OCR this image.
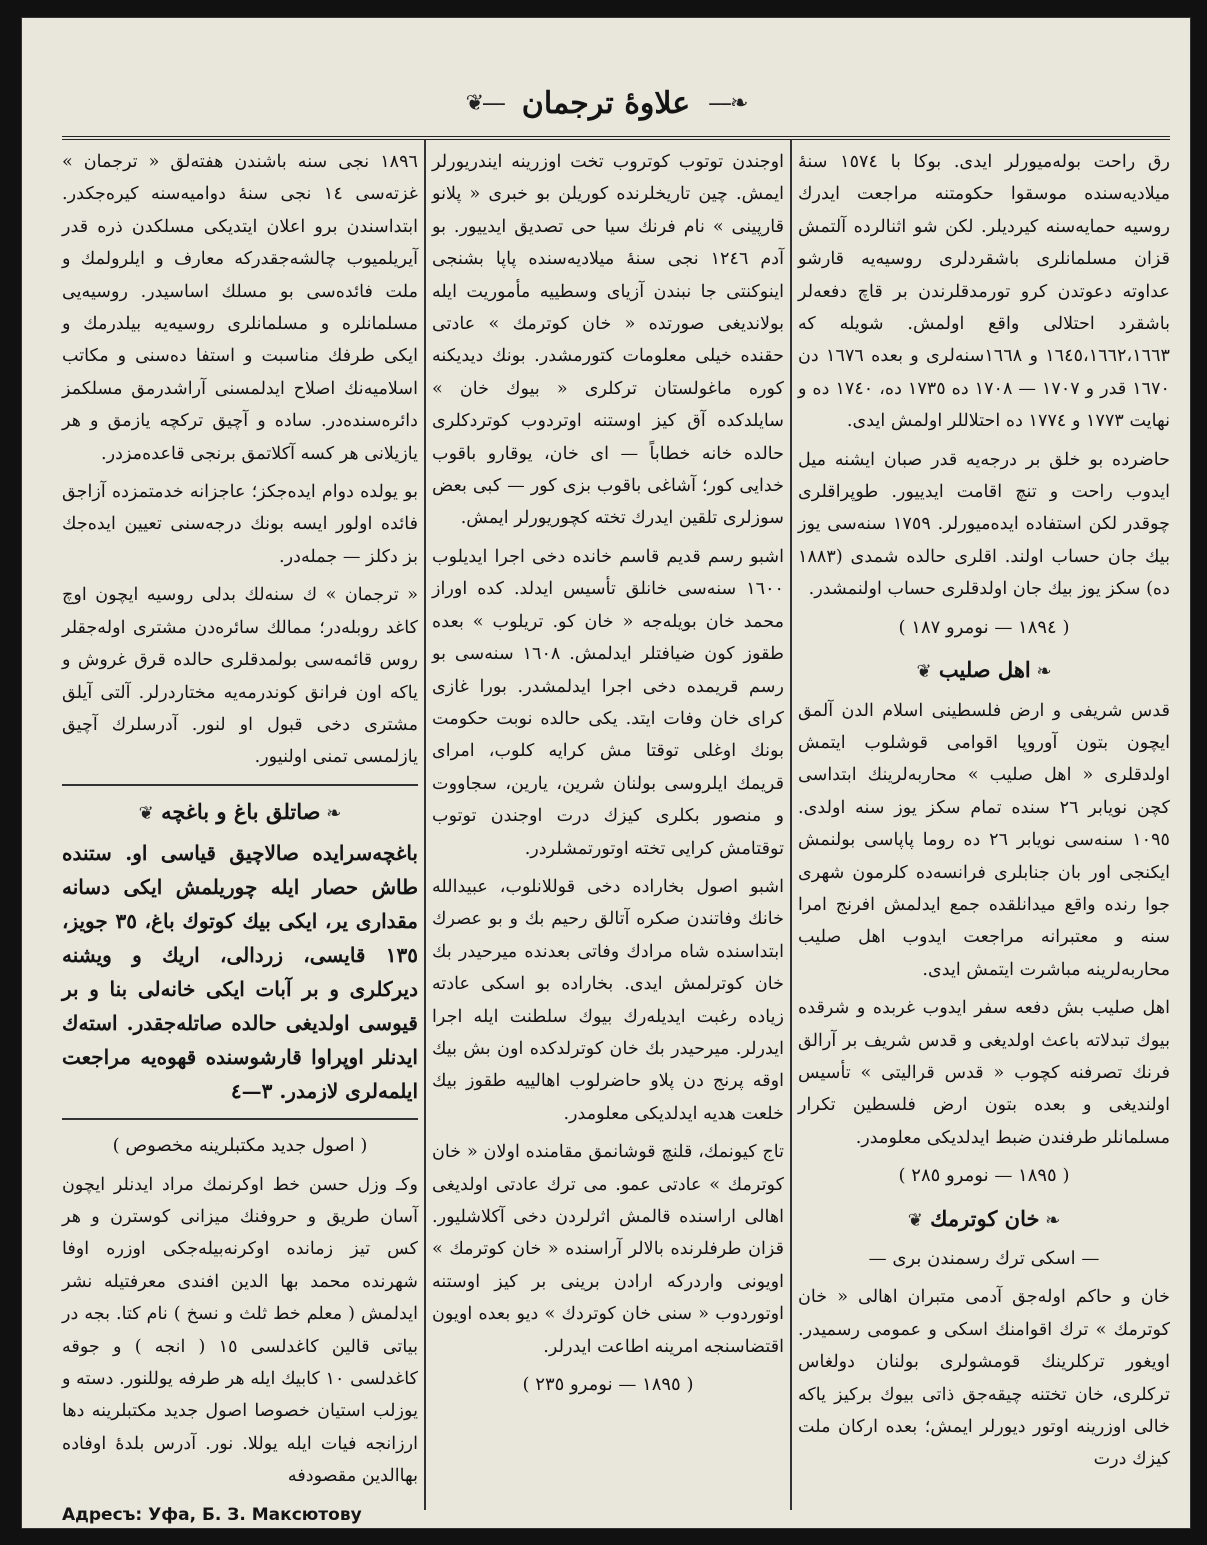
❦‑‑‑‑ علاوهٔ ترجمان ‑‑‑‑❧

رق راحت بولەمیورلر ایدی. بوکا با ١٥٧٤ سنهٔ میلادیەسندە موسقوا حکومتنە مراجعت ایدرك روسیه حمایەسنه کیردیلر. لکن شو اثنالردە آلتمش قزان مسلمانلری باشقردلری روسیەیه قارشو عداوتە دعوتدن کرو تورمدقلرندن بر قاچ دفعەلر باشقرد احتلالی واقع اولمش. شویله که ١٦٤٥،١٦٦٢،١٦٦٣ و ١٦٦٨سنەلری و بعدە ١٦٧٦ دن ١٦٧٠ قدر و ١٧٠٧ — ١٧٠٨ ده ١٧٣٥ ده، ١٧٤٠ ده و نهایت ١٧٧٣ و ١٧٧٤ ده احتلاللر اولمش ایدی.

حاضردە بو خلق بر درجەیه قدر صبان ایشنه میل ایدوب راحت و تنچ اقامت ایدییور. طوپراقلری چوقدر لکن استفادە ایدەمیورلر. ١٧٥٩ سنەسی یوز بیك جان حساب اولند. اقلری حالدە شمدی (١٨٨٣ ده) سکز یوز بیك جان اولدقلری حساب اولنمشدر.

( ١٨٩٤ — نومرو ١٨٧ )
❧ اهل صلیب ❦

قدس شریفی و ارض فلسطینی اسلام الدن آلمق ایچون بتون آوروپا اقوامی قوشلوب ایتمش اولدقلری « اهل صلیب » محاربەلرینك ابتداسی کچن نویابر ٢٦ سنده تمام سکز یوز سنه اولدی. ١٠٩٥ سنەسی نویابر ٢٦ ده روما پاپاسی بولنمش ایکنجی اور بان جنابلری فرانسەده کلرمون شهری جوا رندە واقع میدانلقدە جمع ایدلمش افرنج امرا سنه و معتبرانه مراجعت ایدوب اهل صلیب محاربەلرینه مباشرت ایتمش ایدی.

اهل صلیب بش دفعە سفر ایدوب غربدە و شرقدە بیوك تبدلاته باعث اولدیغی و قدس شریف بر آرالق فرنك تصرفنه کچوب « قدس قرالیتی » تأسیس اولندیغی و بعدە بتون ارض فلسطین تکرار مسلمانلر طرفندن ضبط ایدلدیکی معلومدر.

( ١٨٩٥ — نومرو ٢٨٥ )
❧ خان کوترمك ❦
— اسکی ترك رسمندن بری —

خان و حاکم اولەجق آدمی متبران اهالی « خان کوترمك » ترك اقوامنك اسکی و عمومی رسمیدر. اویغور ترکلرینك قومشولری بولنان دولغاس ترکلری، خان تختنه چیقەجق ذاتی بیوك برکیز یاکه خالی اوزرینه اوتور دیورلر ایمش؛ بعدە ارکان ملت کیزك درت

اوجندن توتوب کوتروب تخت اوزرینه ایندریورلر ایمش. چین تاریخلرندە کوریلن بو خبری « پلانو قارپینی » نام فرنك سیا حی تصدیق ایدییور. بو آدم ١٢٤٦ نجی سنهٔ میلادیەسندە پاپا بشنجی اینوکنتی جا نبندن آزیای وسطییه مأموریت ایله بولاندیغی صورتدە « خان کوترمك » عادتی حقندە خیلی معلومات کتورمشدر. بونك دیدیکنه کوره ماغولستان ترکلری « بیوك خان » سایلدکدە آق کیز اوستنه اوتردوب کوتردکلری حالدە خانه خطاباً — ای خان، یوقارو باقوب خدایی کور؛ آشاغی باقوب بزی کور — کبی بعض سوزلری تلقین ایدرك تخته کچوریورلر ایمش.

اشبو رسم قدیم قاسم خاندە دخی اجرا ایدیلوب ١٦٠٠ سنەسی خانلق تأسیس ایدلد. کدە اوراز محمد خان بویلەجه « خان کو. تریلوب » بعدە طقوز کون ضیافتلر ایدلمش. ١٦٠٨ سنەسی بو رسم قریمدە دخی اجرا ایدلمشدر. بورا غازی کرای خان وفات ایتد. یکی حالدە نوبت حکومت بونك اوغلی توقتا مش کرایه کلوب، امرای قریمك ایلروسی بولنان شرین، یارین، سجاووت و منصور بکلری کیزك درت اوجندن توتوب توقتامش کرایی تخته اوتورتمشلردر.

اشبو اصول بخارادە دخی قوللانلوب، عبیدالله خانك وفاتندن صکره آتالق رحیم بك و بو عصرك ابتداسندە شاه مرادك وفاتی بعدنده میرحیدر بك خان کوترلمش ایدی. بخارادە بو اسکی عادته زیادە رغبت ایدیلەرك بیوك سلطنت ایله اجرا ایدرلر. میرحیدر بك خان کوترلدکدە اون بش بیك اوقه پرنج دن پلاو حاضرلوب اهالییه طقوز بیك خلعت هدیه ایدلدیکی معلومدر.

تاج کیونمك، قلنچ قوشانمق مقامنده اولان « خان کوترمك » عادتی عمو. می ترك عادتی اولدیغی اهالی اراسنده قالمش اثرلردن دخی آکلاشلیور. قزان طرفلرندە بالالر آراسندە « خان کوترمك » اویونی واردرکه ارادن برینی بر کیز اوستنه اوتوردوب « سنی خان کوتردك » دیو بعدە اویون اقتضاسنجه امرینه اطاعت ایدرلر.

( ١٨٩٥ — نومرو ٢٣٥ )

١٨٩٦ نجی سنه باشندن هفتەلق « ترجمان » غزتەسی ١٤ نجی سنهٔ دوامیەسنه کیرەجکدر. ابتداسندن برو اعلان ایتدیکی مسلکدن ذره قدر آیریلمیوب چالشەجقدرکه معارف و ایلرولمك و ملت فائدەسی بو مسلك اساسیدر. روسیەیی مسلمانلرە و مسلمانلری روسیەیه بیلدرمك و ایکی طرفك مناسبت و استفا دەسنی و مکاتب اسلامیەنك اصلاح ایدلمسنی آراشدرمق مسلکمز دائرەسندەدر. ساده و آچیق ترکچه یازمق و هر یازیلانی هر کسه آکلاتمق برنجی قاعدەمزدر.

بو یولدە دوام ایدەجکز؛ عاجزانه خدمتمزده آزاجق فائده اولور ایسه بونك درجەسنی تعیین ایدەجك بز دکلز — جملەدر.

« ترجمان » ك سنەلك بدلی روسیه ایچون اوچ کاغد روبلەدر؛ ممالك سائرەدن مشتری اولەجقلر روس قائمەسی بولمدقلری حالدە قرق غروش و یاکه اون فرانق کوندرمەیه مختاردرلر. آلتی آیلق مشتری دخی قبول او لنور. آدرسلرك آچیق یازلمسی تمنی اولنیور.

❧ صاتلق باغ و باغچه ❦

باغچەسرایدە صالاچیق قیاسی او. ستنده طاش حصار ایله چوریلمش ایکی دسانه مقداری یر، ایکی بیك کوتوك باغ، ٣٥ جویز، ١٣٥ قایسی، زردالی، اریك و ویشنه دیرکلری و بر آبات ایکی خانەلی بنا و بر قیوسی اولدیغی حالدە صاتلەجقدر. استەك ایدنلر اوپراوا قارشوسندە قهوەیه مراجعت ایلمەلری لازمدر. ٣—٤

( اصول جدید مکتبلرینه مخصوص )

وكـ وزل حسن خط اوکرنمك مراد ایدنلر ایچون آسان طریق و حروفنك میزانی کوسترن و هر کس تیز زمانده اوکرنەبیلەجکی اوزره اوفا شهرنده محمد بها الدین افندی معرفتیله نشر ایدلمش ( معلم خط ثلث و نسخ ) نام کتا. بجه در بیاتی قالین کاغدلسی ١٥ ( انجه ) و جوقه کاغدلسی ١٠ کابیك ایله هر طرفه یوللنور. دسته و یوزلب استیان خصوصا اصول جدید مکتبلرینه دها ارزانجه فیات ایله یوللا. نور. آدرس بلدهٔ اوفاده بهاالدین مقصودفه

Адресъ: Уфа, Б. З. Максютову
